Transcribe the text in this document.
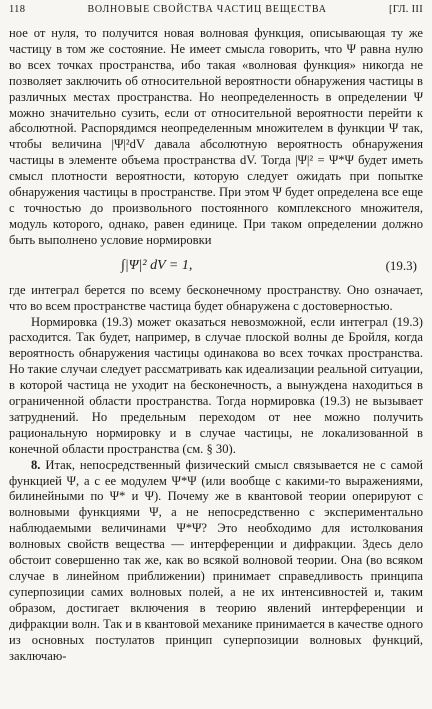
118	ВОЛНОВЫЕ СВОЙСТВА ЧАСТИЦ ВЕЩЕСТВА	[ГЛ. III

ное от нуля, то получится новая волновая функция, описывающая ту же частицу в том же состояние. Не имеет смысла говорить, что Ψ равна нулю во всех точках пространства, ибо такая «волновая функция» никогда не позволяет заключить об относительной вероятности обнаружения частицы в различных местах пространства. Но неопределенность в определении Ψ можно значительно сузить, если от относительной вероятности перейти к абсолютной. Распорядимся неопределенным множителем в функции Ψ так, чтобы величина |Ψ|²dV давала абсолютную вероятность обнаружения частицы в элементе объема пространства dV. Тогда |Ψ|² = Ψ*Ψ будет иметь смысл плотности вероятности, которую следует ожидать при попытке обнаружения частицы в пространстве. При этом Ψ будет определена все еще с точностью до произвольного постоянного комплексного множителя, модуль которого, однако, равен единице. При таком определении должно быть выполнено условие нормировки

∫|Ψ|² dV = 1,	(19.3)

где интеграл берется по всему бесконечному пространству. Оно означает, что во всем пространстве частица будет обнаружена с достоверностью.

Нормировка (19.3) может оказаться невозможной, если интеграл (19.3) расходится. Так будет, например, в случае плоской волны де Бройля, когда вероятность обнаружения частицы одинакова во всех точках пространства. Но такие случаи следует рассматривать как идеализации реальной ситуации, в которой частица не уходит на бесконечность, а вынуждена находиться в ограниченной области пространства. Тогда нормировка (19.3) не вызывает затруднений. Но предельным переходом от нее можно получить рациональную нормировку и в случае частицы, не локализованной в конечной области пространства (см. § 30).

8. Итак, непосредственный физический смысл связывается не с самой функцией Ψ, а с ее модулем Ψ*Ψ (или вообще с какими-то выражениями, билинейными по Ψ* и Ψ). Почему же в квантовой теории оперируют с волновыми функциями Ψ, а не непосредственно с экспериментально наблюдаемыми величинами Ψ*Ψ? Это необходимо для истолкования волновых свойств вещества — интерференции и дифракции. Здесь дело обстоит совершенно так же, как во всякой волновой теории. Она (во всяком случае в линейном приближении) принимает справедливость принципа суперпозиции самих волновых полей, а не их интенсивностей и, таким образом, достигает включения в теорию явлений интерференции и дифракции волн. Так и в квантовой механике принимается в качестве одного из основных постулатов принцип суперпозиции волновых функций, заключаю-
